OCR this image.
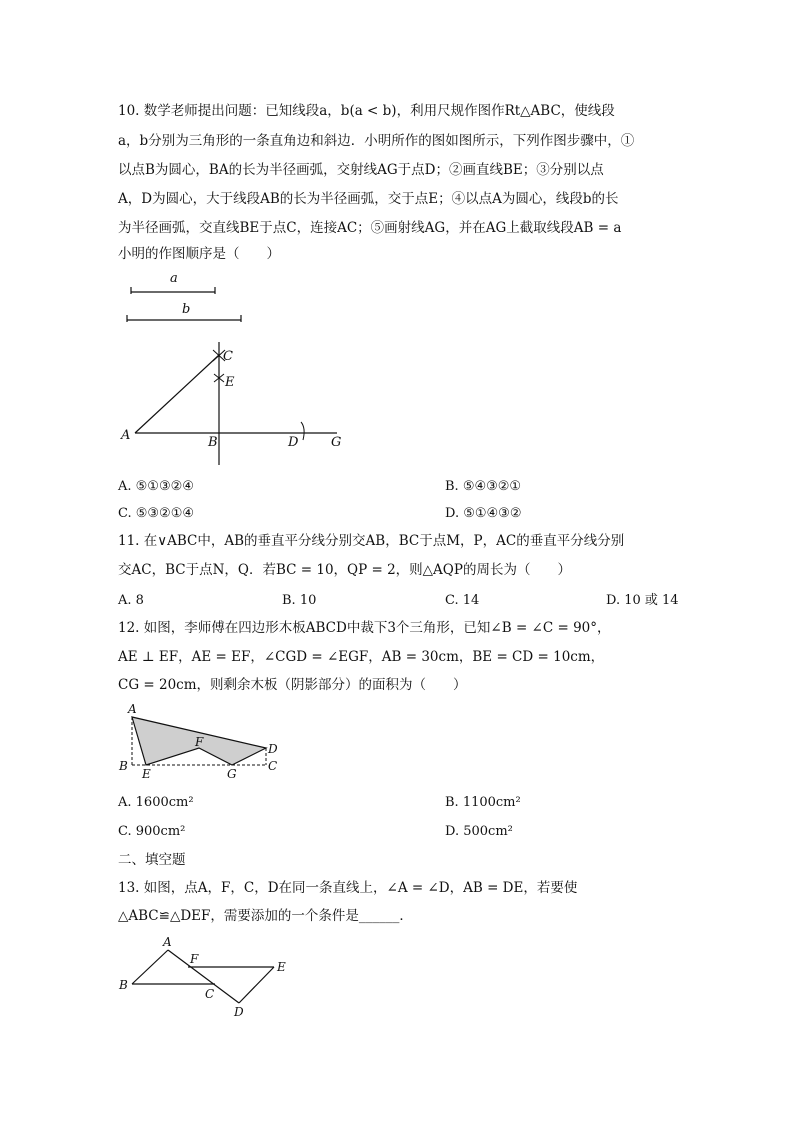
10. 数学老师提出问题：已知线段a，b(a < b)，利用尺规作图作Rt△ABC，使线段
a，b分别为三角形的一条直角边和斜边．小明所作的图如图所示，下列作图步骤中，①
以点B为圆心，BA的长为半径画弧，交射线AG于点D；②画直线BE；③分别以点
A，D为圆心，大于线段AB的长为半径画弧，交于点E；④以点A为圆心，线段b的长
为半径画弧，交直线BE于点C，连接AC；⑤画射线AG，并在AG上截取线段AB = a
小明的作图顺序是（　　）
a
b
A	B
C
E
D	G
A. ⑤①③②④	B. ⑤④③②①
C. ⑤③②①④	D. ⑤①④③②
11. 在∨ABC中，AB的垂直平分线分别交AB，BC于点M，P，AC的垂直平分线分别
交AC，BC于点N，Q．若BC = 10，QP = 2，则△AQP的周长为（　　）
A. 8	B. 10	C. 14	D. 10 或 14
12. 如图，李师傅在四边形木板ABCD中裁下3个三角形，已知∠B = ∠C = 90°，
AE ⊥ EF，AE = EF，∠CGD = ∠EGF，AB = 30cm，BE = CD = 10cm，
CG = 20cm，则剩余木板（阴影部分）的面积为（　　）
A
B
E
F
G
D
C
A. 1600cm²	B. 1100cm²
C. 900cm²	D. 500cm²
二、填空题
13. 如图，点A，F，C，D在同一条直线上，∠A = ∠D，AB = DE，若要使
△ABC≌△DEF，需要添加的一个条件是______．
A
B
F
C
E
D
